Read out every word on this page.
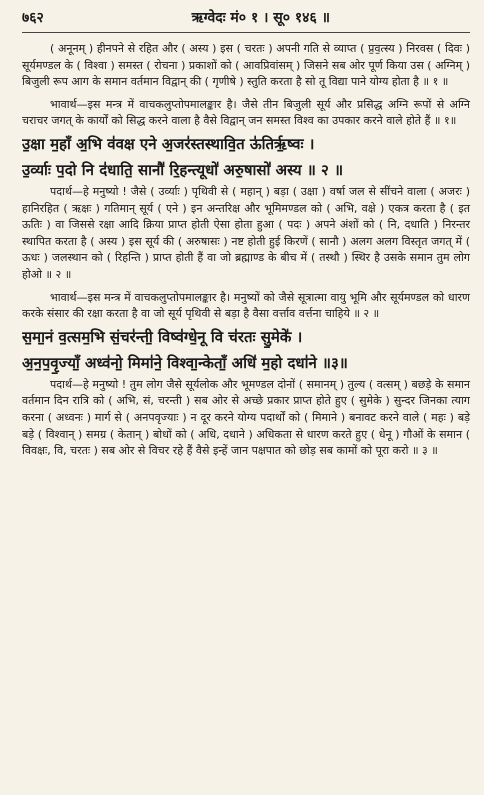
७६२	ऋग्वेदः मं० १ । सू० १४६ ॥

( अनूनम् ) हीनपने से रहित और ( अस्य ) इस ( चरतः ) अपनी गति से व्याप्त ( प्र॒व॒त्स्य ) निरवस ( दिवः ) सूर्यमण्डल के ( विश्वा ) समस्त ( रोचना ) प्रकाशों को ( आवप्रिवांसम् ) जिसने सब ओर पूर्ण किया उस ( अग्निम् ) बिजुली रूप आग के समान वर्तमान विद्वान् की ( गृणीषे ) स्तुति करता है सो तू विद्या पाने योग्य होता है ॥ १ ॥

भावार्थ—इस मन्त्र में वाचकलुप्तोपमालङ्कार है। जैसे तीन बिजुली सूर्य और प्रसिद्ध अग्नि रूपों से अग्नि चराचर जगत् के कार्यों को सिद्ध करने वाला है वैसे विद्वान् जन समस्त विश्व का उपकार करने वाले होते हैं ॥ १॥

उ॒क्षा म॒हाँ अ॒भि व॑वक्ष एने अ॒जर॑स्तस्थावि॒त ऊ॑तिर्ऋ॒ष्वः ।
उ॒र्व्याः प॒दो नि द॑धाति॒ सानौ॑ रि॒हन्त्यूधो॑ अरु॒षासो॑ अस्य ॥ २ ॥

पदार्थ—हे मनुष्यो ! जैसे ( उर्व्याः ) पृथिवी से ( महान् ) बड़ा ( उक्षा ) वर्षा जल से सींचने वाला ( अजरः ) हानिरहित ( ऋक्षः ) गतिमान् सूर्य ( एने ) इन अन्तरिक्ष और भूमिमण्डल को ( अभि, वक्षे ) एकत्र करता है ( इत ऊतिः ) वा जिससे रक्षा आदि क्रिया प्राप्त होती ऐसा होता हुआ ( पदः ) अपने अंशों को ( नि, दधाति ) निरन्तर स्थापित करता है ( अस्य ) इस सूर्य की ( अरुषासः ) नष्ट होती हुई किरणें ( सानौ ) अलग अलग विस्तृत जगत् में ( ऊधः ) जलस्थान को ( रिहन्ति ) प्राप्त होती हैं वा जो ब्रह्माण्ड के बीच में ( तस्थौ ) स्थिर है उसके समान तुम लोग होओ ॥ २ ॥

भावार्थ—इस मन्त्र में वाचकलुप्तोपमालङ्कार है। मनुष्यों को जैसे सूत्रात्मा वायु भूमि और सूर्यमण्डल को धारण करके संसार की रक्षा करता है वा जो सूर्य पृथिवी से बड़ा है वैसा वर्त्ताव वर्त्तना चाहिये ॥ २ ॥

स॒मा॒नं व॒त्सम॒भि सं॒चर॑न्ती॒ विष्व॑ग्धे॒नू वि च॑रतः सु॒मेके॑ ।
अ॒न॒प॒वृ॒ज्याँ॒ अध्व॑नो॒ मिमा॑ने॒ विश्वा॒न्केताँ॒ अधि॑ म॒हो दधा॑ने ॥३॥

पदार्थ—हे मनुष्यो ! तुम लोग जैसे सूर्यलोक और भूमण्डल दोनों ( समानम् ) तुल्य ( वत्सम् ) बछड़े के समान वर्तमान दिन रात्रि को ( अभि, सं, चरन्ती ) सब ओर से अच्छे प्रकार प्राप्त होते हुए ( सुमेके ) सुन्दर जिनका त्याग करना ( अध्वनः ) मार्ग से ( अनपवृज्याः ) न दूर करने योग्य पदार्थों को ( मिमाने ) बनावट करने वाले ( महः ) बड़े बड़े ( विश्वान् ) समग्र ( केतान् ) बोधों को ( अधि, दधाने ) अधिकता से धारण करते हुए ( धेनू ) गौओं के समान ( विवक्षः, वि, चरतः ) सब ओर से विचर रहे हैं वैसे इन्हें जान पक्षपात को छोड़ सब कामों को पूरा करो ॥ ३ ॥
